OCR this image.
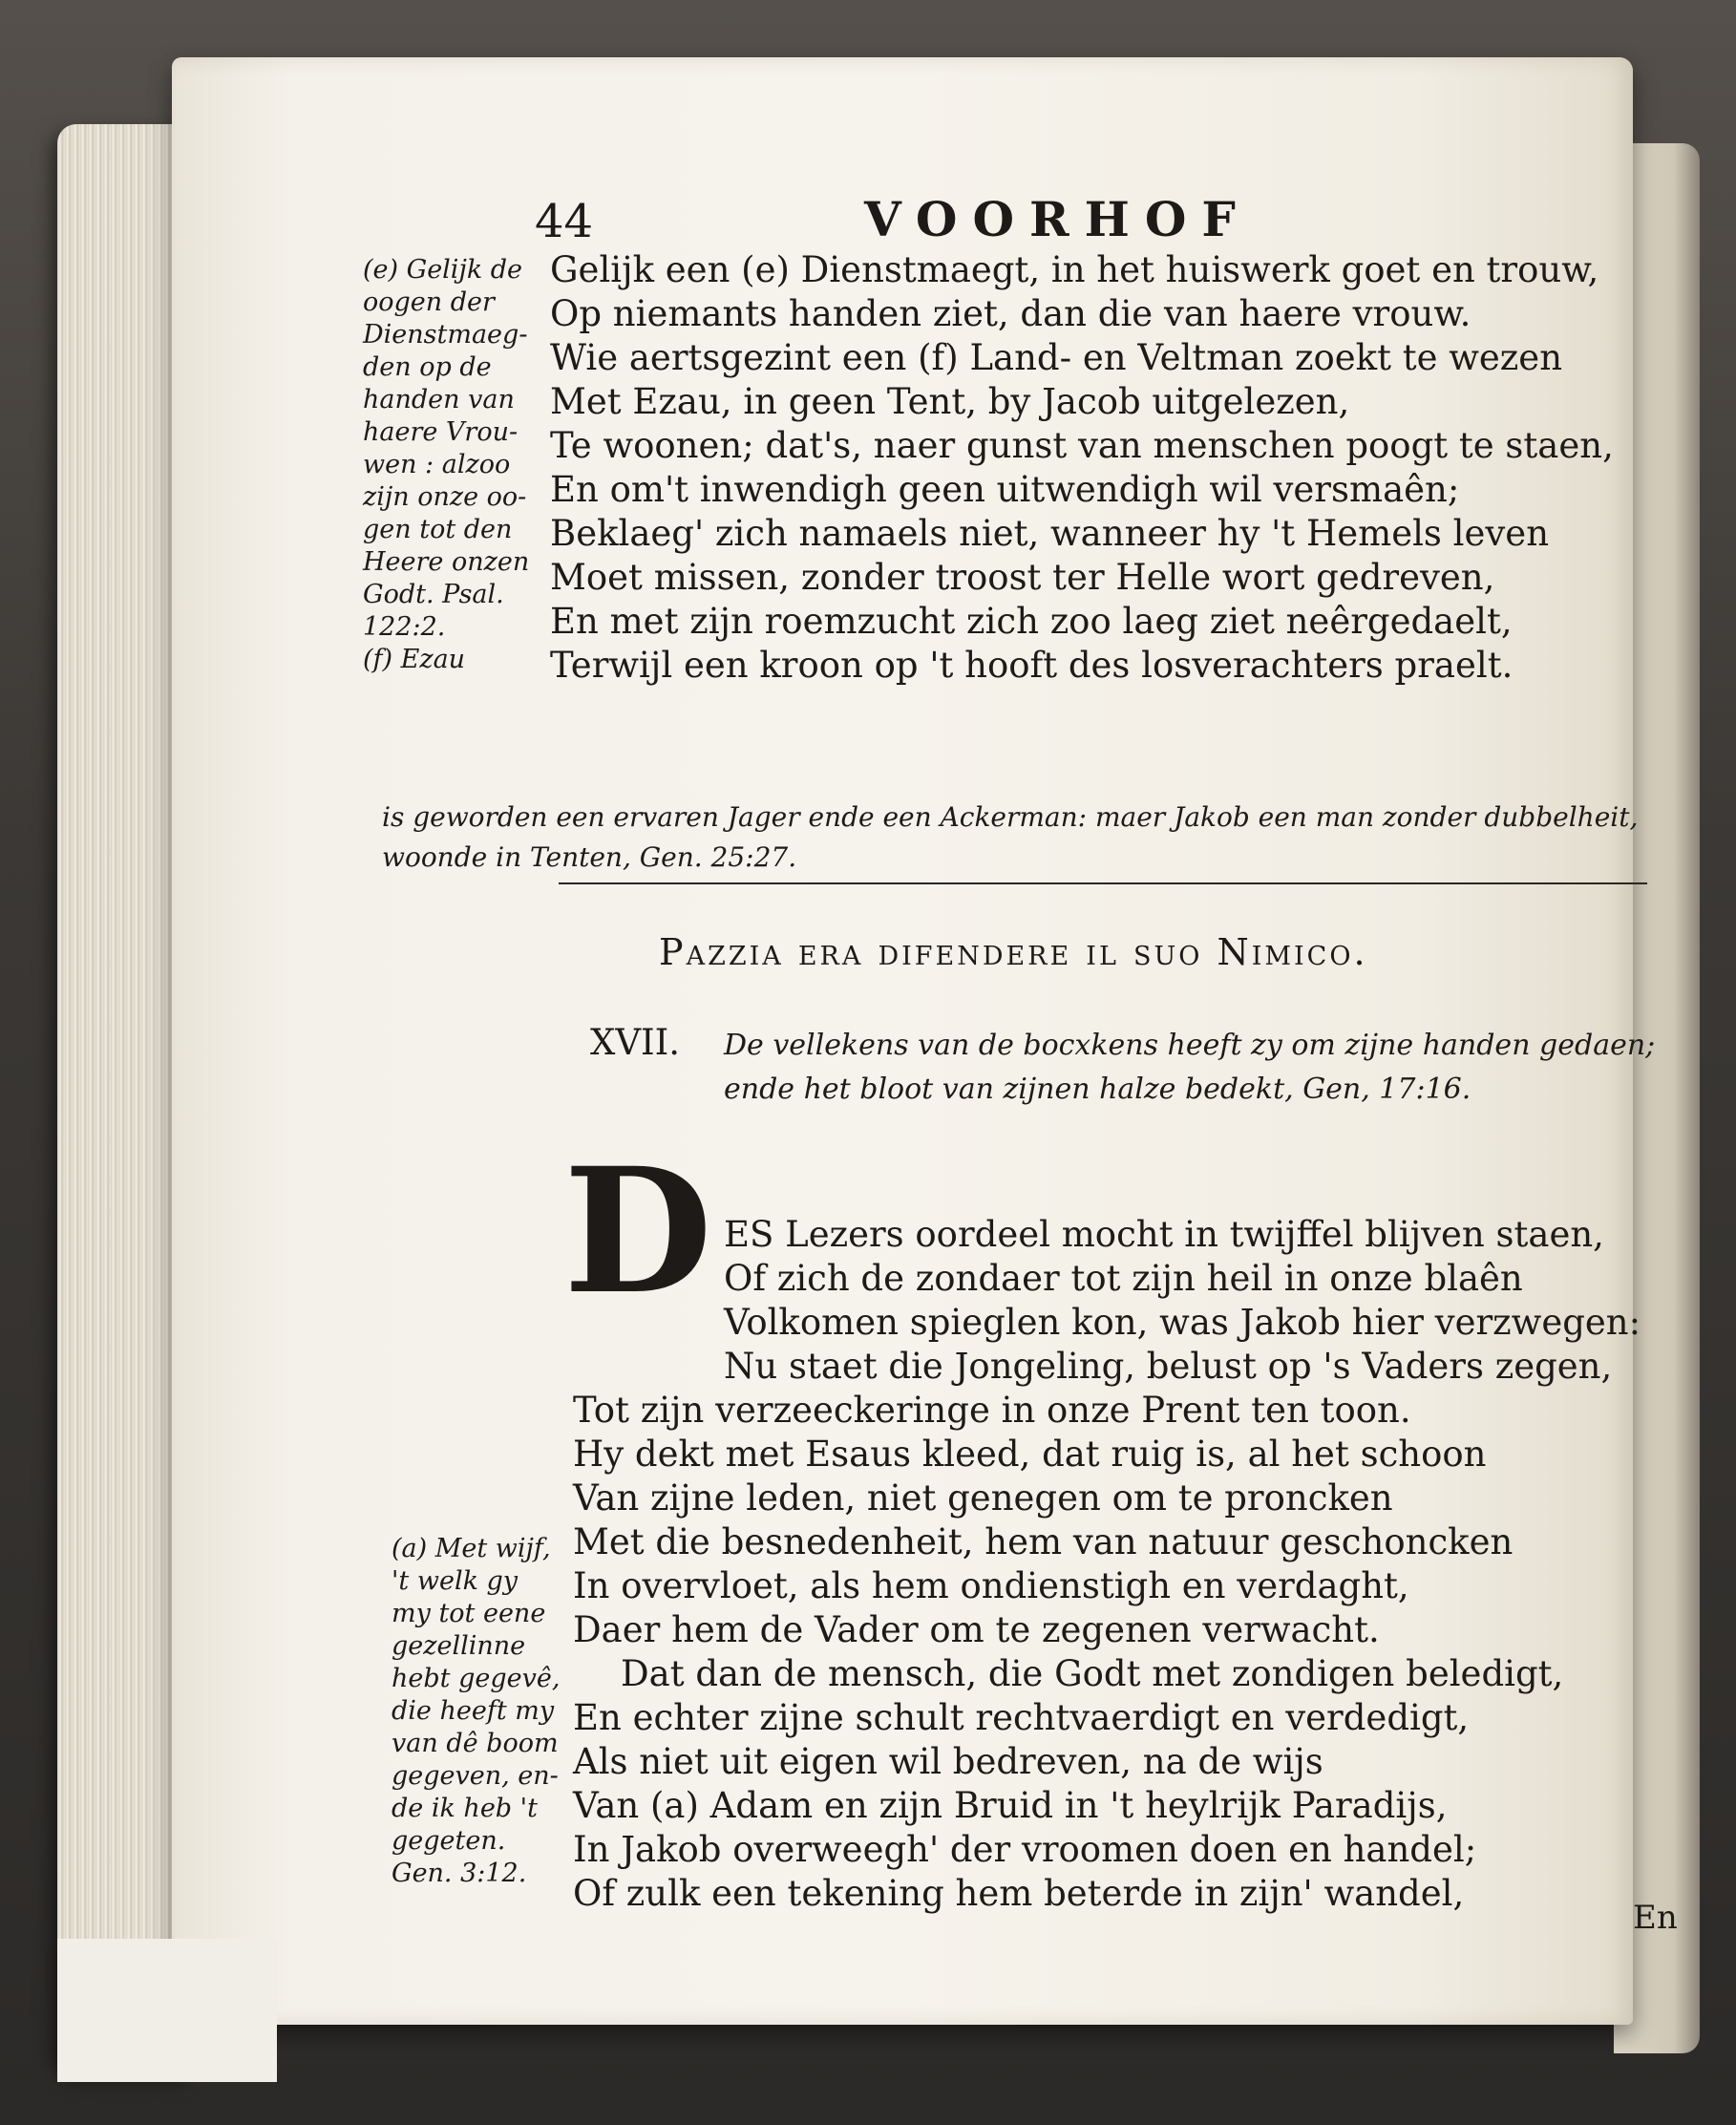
44	VOORHOF
Gelijk een (e) Dienstmaegt, in het huiswerk goet en trouw,
Op niemants handen ziet, dan die van haere vrouw.
Wie aertsgezint een (f) Land- en Veltman zoekt te wezen
Met Ezau, in geen Tent, by Jacob uitgelezen,
Te woonen; dat's, naer gunst van menschen poogt te staen,
En om't inwendigh geen uitwendigh wil versmaên;
Beklaeg' zich namaels niet, wanneer hy 't Hemels leven
Moet missen, zonder troost ter Helle wort gedreven,
En met zijn roemzucht zich zoo laeg ziet neêrgedaelt,
Terwijl een kroon op 't hooft des losverachters praelt.
(e) Gelijk de
oogen der
Dienstmaeg-
den op de
handen van
haere Vrou-
wen : alzoo
zijn onze oo-
gen tot den
Heere onzen
Godt. Psal.
122:2.
(f) Ezau
is geworden een ervaren Jager ende een Ackerman: maer Jakob een man zonder dubbelheit,
woonde in Tenten, Gen. 25:27.
Pazzia era difendere il suo Nimico.
XVII. De vellekens van de bocxkens heeft zy om zijne handen gedaen;
ende het bloot van zijnen halze bedekt, Gen, 17:16.
D ES Lezers oordeel mocht in twijffel blijven staen,
Of zich de zondaer tot zijn heil in onze blaên
Volkomen spieglen kon, was Jakob hier verzwegen:
Nu staet die Jongeling, belust op 's Vaders zegen,
Tot zijn verzeeckeringe in onze Prent ten toon.
Hy dekt met Esaus kleed, dat ruig is, al het schoon
Van zijne leden, niet genegen om te proncken
Met die besnedenheit, hem van natuur geschoncken
In overvloet, als hem ondienstigh en verdaght,
Daer hem de Vader om te zegenen verwacht.
Dat dan de mensch, die Godt met zondigen beledigt,
En echter zijne schult rechtvaerdigt en verdedigt,
Als niet uit eigen wil bedreven, na de wijs
Van (a) Adam en zijn Bruid in 't heylrijk Paradijs,
In Jakob overweegh' der vroomen doen en handel;
Of zulk een tekening hem beterde in zijn' wandel,
(a) Met wijf,
't welk gy
my tot eene
gezellinne
hebt gegevê,
die heeft my
van dê boom
gegeven, en-
de ik heb 't
gegeten.
Gen. 3:12.
En
